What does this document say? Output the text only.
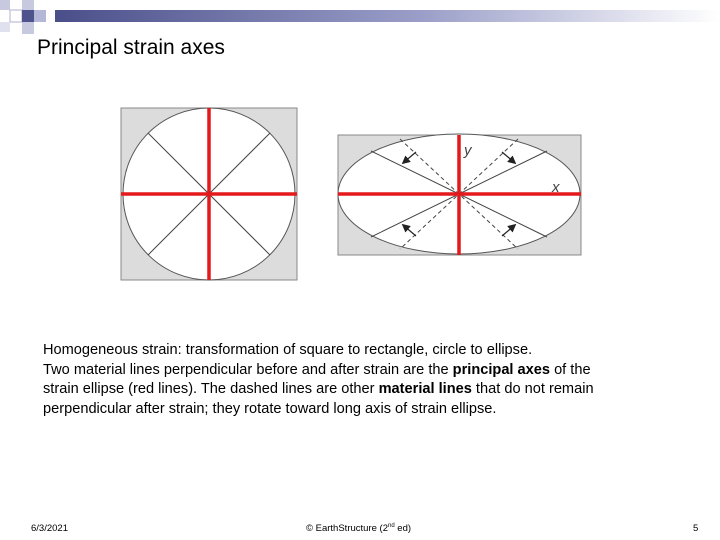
Principal strain axes
y
x

Homogeneous strain: transformation of square to rectangle, circle to ellipse.

Two material lines perpendicular before and after strain are the principal axes of the

strain ellipse (red lines). The dashed lines are other material lines that do not remain

perpendicular after strain; they rotate toward long axis of strain ellipse.

6/3/2021	© EarthStructure (2nd ed)	5
